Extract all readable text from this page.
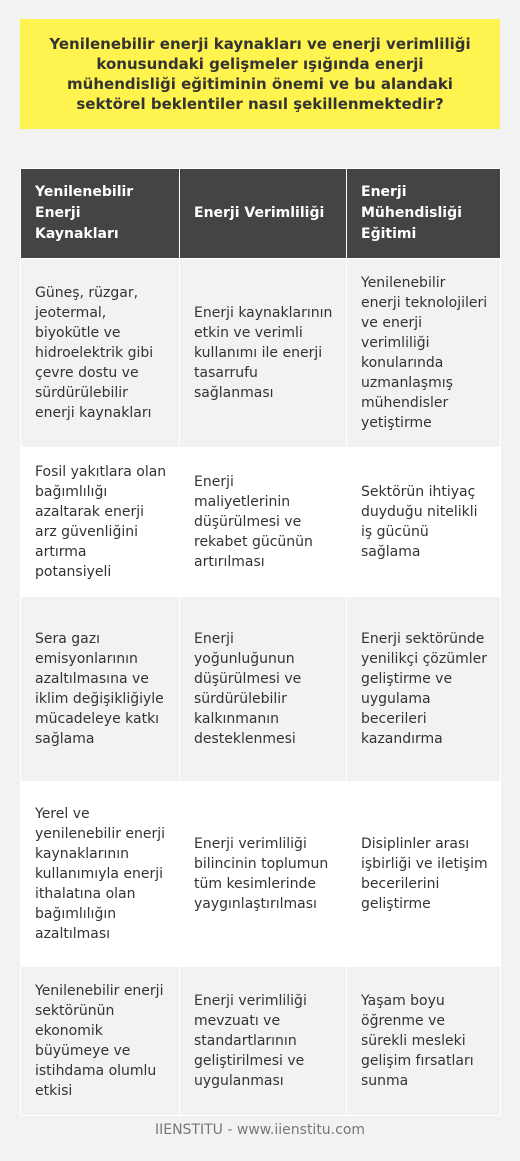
Yenilenebilir enerji kaynakları ve enerji verimliliği konusundaki gelişmeler ışığında enerji mühendisliği eğitiminin önemi ve bu alandaki sektörel beklentiler nasıl şekillenmektedir?

Yenilenebilir Enerji Kaynakları	Enerji Verimliliği	Enerji Mühendisliği Eğitimi
Güneş, rüzgar, jeotermal, biyokütle ve hidroelektrik gibi çevre dostu ve sürdürülebilir enerji kaynakları	Enerji kaynaklarının etkin ve verimli kullanımı ile enerji tasarrufu sağlanması	Yenilenebilir enerji teknolojileri ve enerji verimliliği konularında uzmanlaşmış mühendisler yetiştirme
Fosil yakıtlara olan bağımlılığı azaltarak enerji arz güvenliğini artırma potansiyeli	Enerji maliyetlerinin düşürülmesi ve rekabet gücünün artırılması	Sektörün ihtiyaç duyduğu nitelikli iş gücünü sağlama
Sera gazı emisyonlarının azaltılmasına ve iklim değişikliğiyle mücadeleye katkı sağlama	Enerji yoğunluğunun düşürülmesi ve sürdürülebilir kalkınmanın desteklenmesi	Enerji sektöründe yenilikçi çözümler geliştirme ve uygulama becerileri kazandırma
Yerel ve yenilenebilir enerji kaynaklarının kullanımıyla enerji ithalatına olan bağımlılığın azaltılması	Enerji verimliliği bilincinin toplumun tüm kesimlerinde yaygınlaştırılması	Disiplinler arası işbirliği ve iletişim becerilerini geliştirme
Yenilenebilir enerji sektörünün ekonomik büyümeye ve istihdama olumlu etkisi	Enerji verimliliği mevzuatı ve standartlarının geliştirilmesi ve uygulanması	Yaşam boyu öğrenme ve sürekli mesleki gelişim fırsatları sunma
IIENSTITU - www.iienstitu.com
